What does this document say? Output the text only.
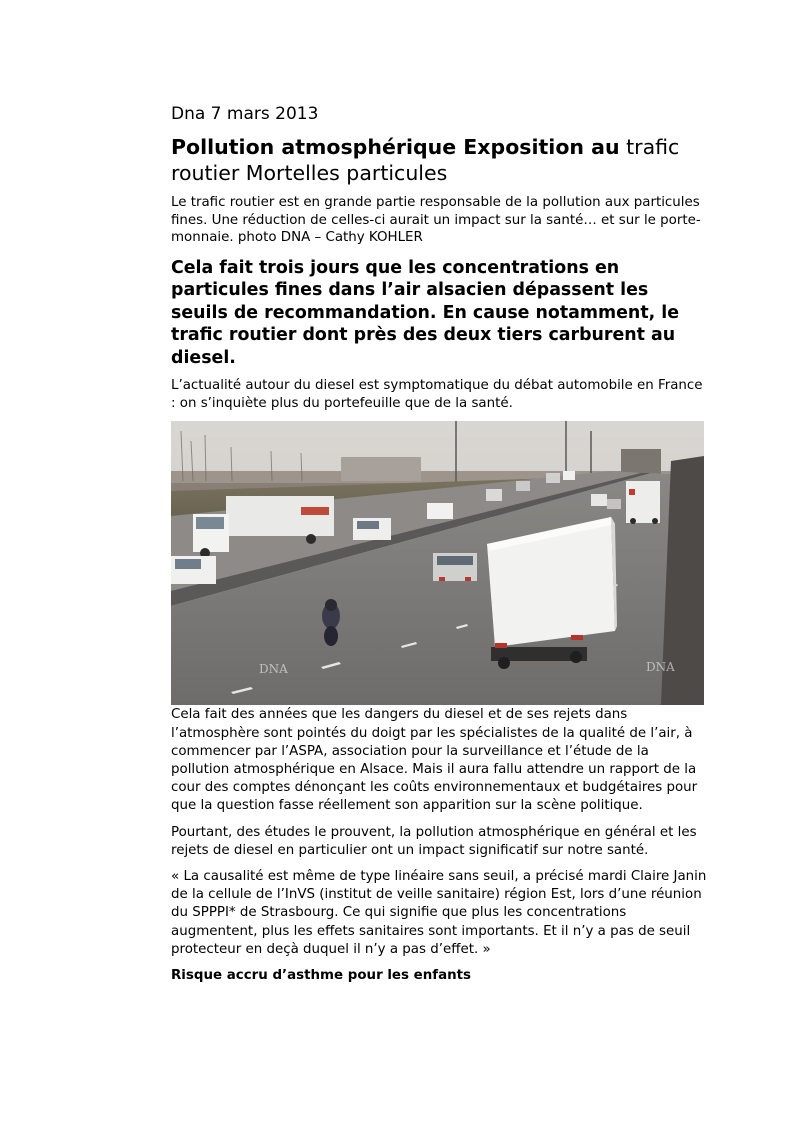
Dna 7 mars 2013
Pollution atmosphérique Exposition au trafic routier Mortelles particules
Le trafic routier est en grande partie responsable de la pollution aux particules fines. Une réduction de celles-ci aurait un impact sur la santé… et sur le porte-monnaie. photo DNA – Cathy KOHLER
Cela fait trois jours que les concentrations en particules fines dans l’air alsacien dépassent les seuils de recommandation. En cause notamment, le trafic routier dont près des deux tiers carburent au diesel.
L’actualité autour du diesel est symptomatique du débat automobile en France : on s’inquiète plus du portefeuille que de la santé.
DNA	DNA
Cela fait des années que les dangers du diesel et de ses rejets dans l’atmosphère sont pointés du doigt par les spécialistes de la qualité de l’air, à commencer par l’ASPA, association pour la surveillance et l’étude de la pollution atmosphérique en Alsace. Mais il aura fallu attendre un rapport de la cour des comptes dénonçant les coûts environnementaux et budgétaires pour que la question fasse réellement son apparition sur la scène politique.
Pourtant, des études le prouvent, la pollution atmosphérique en général et les rejets de diesel en particulier ont un impact significatif sur notre santé.
« La causalité est même de type linéaire sans seuil, a précisé mardi Claire Janin de la cellule de l’InVS (institut de veille sanitaire) région Est, lors d’une réunion du SPPPI* de Strasbourg. Ce qui signifie que plus les concentrations augmentent, plus les effets sanitaires sont importants. Et il n’y a pas de seuil protecteur en deçà duquel il n’y a pas d’effet. »
Risque accru d’asthme pour les enfants
